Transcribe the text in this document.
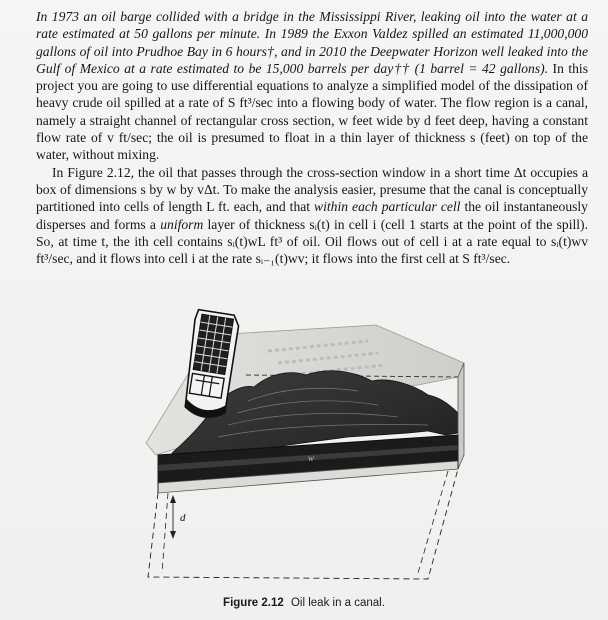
In 1973 an oil barge collided with a bridge in the Mississippi River, leaking oil into the water at a rate estimated at 50 gallons per minute. In 1989 the Exxon Valdez spilled an estimated 11,000,000 gallons of oil into Prudhoe Bay in 6 hours†, and in 2010 the Deepwater Horizon well leaked into the Gulf of Mexico at a rate estimated to be 15,000 barrels per day†† (1 barrel = 42 gallons). In this project you are going to use differential equations to analyze a simplified model of the dissipation of heavy crude oil spilled at a rate of S ft³/sec into a flowing body of water. The flow region is a canal, namely a straight channel of rectangular cross section, w feet wide by d feet deep, having a constant flow rate of v ft/sec; the oil is presumed to float in a thin layer of thickness s (feet) on top of the water, without mixing.

In Figure 2.12, the oil that passes through the cross-section window in a short time Δt occupies a box of dimensions s by w by vΔt. To make the analysis easier, presume that the canal is conceptually partitioned into cells of length L ft. each, and that within each particular cell the oil instantaneously disperses and forms a uniform layer of thickness sᵢ(t) in cell i (cell 1 starts at the point of the spill). So, at time t, the ith cell contains sᵢ(t)wL ft³ of oil. Oil flows out of cell i at a rate equal to sᵢ(t)wv ft³/sec, and it flows into cell i at the rate sᵢ₋₁(t)wv; it flows into the first cell at S ft³/sec.

w
d
Figure 2.12 Oil leak in a canal.
